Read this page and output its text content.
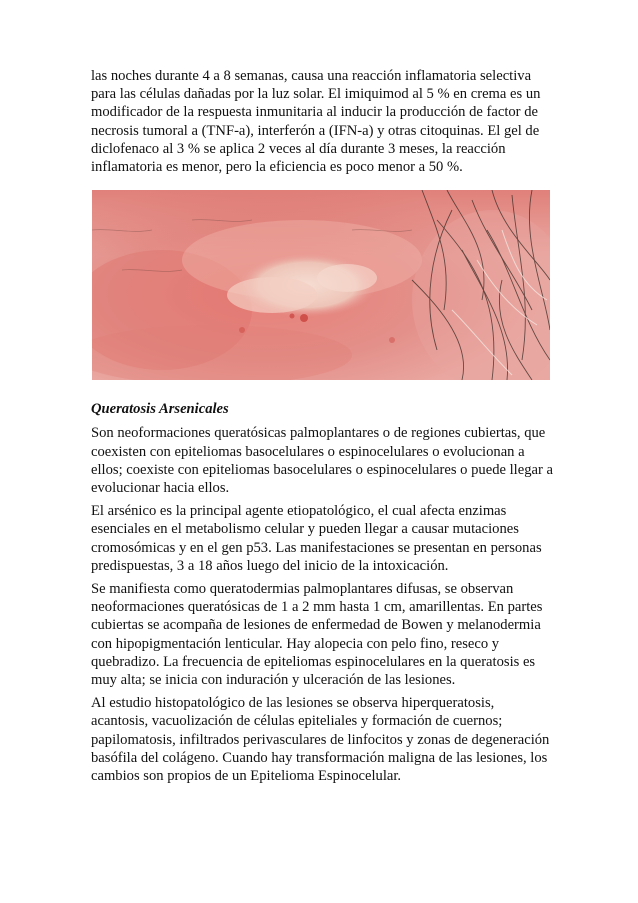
las noches durante 4 a 8 semanas, causa una reacción inflamatoria selectiva para las células dañadas por la luz solar. El imiquimod al 5 % en crema es un modificador de la respuesta inmunitaria al inducir la producción de factor de necrosis tumoral a (TNF-a), interferón a (IFN-a) y otras citoquinas. El gel de diclofenaco al 3 % se aplica 2 veces al día durante 3 meses, la reacción inflamatoria es menor, pero la eficiencia es poco menor a 50 %.

Queratosis Arsenicales

Son neoformaciones queratósicas palmoplantares o de regiones cubiertas, que coexisten con epiteliomas basocelulares o espinocelulares o evolucionan a ellos; coexiste con epiteliomas basocelulares o espinocelulares o puede llegar a evolucionar hacia ellos.

El arsénico es la principal agente etiopatológico, el cual afecta enzimas esenciales en el metabolismo celular y pueden llegar a causar mutaciones cromosómicas y en el gen p53. Las manifestaciones se presentan en personas predispuestas, 3 a 18 años luego del inicio de la intoxicación.

Se manifiesta como queratodermias palmoplantares difusas, se observan neoformaciones queratósicas de 1 a 2 mm hasta 1 cm, amarillentas. En partes cubiertas se acompaña de lesiones de enfermedad de Bowen y melanodermia con hipopigmentación lenticular. Hay alopecia con pelo fino, reseco y quebradizo. La frecuencia de epiteliomas espinocelulares en la queratosis es muy alta; se inicia con induración y ulceración de las lesiones.

Al estudio histopatológico de las lesiones se observa hiperqueratosis, acantosis, vacuolización de células epiteliales y formación de cuernos; papilomatosis, infiltrados perivasculares de linfocitos y zonas de degeneración basófila del colágeno. Cuando hay transformación maligna de las lesiones, los cambios son propios de un Epitelioma Espinocelular.
